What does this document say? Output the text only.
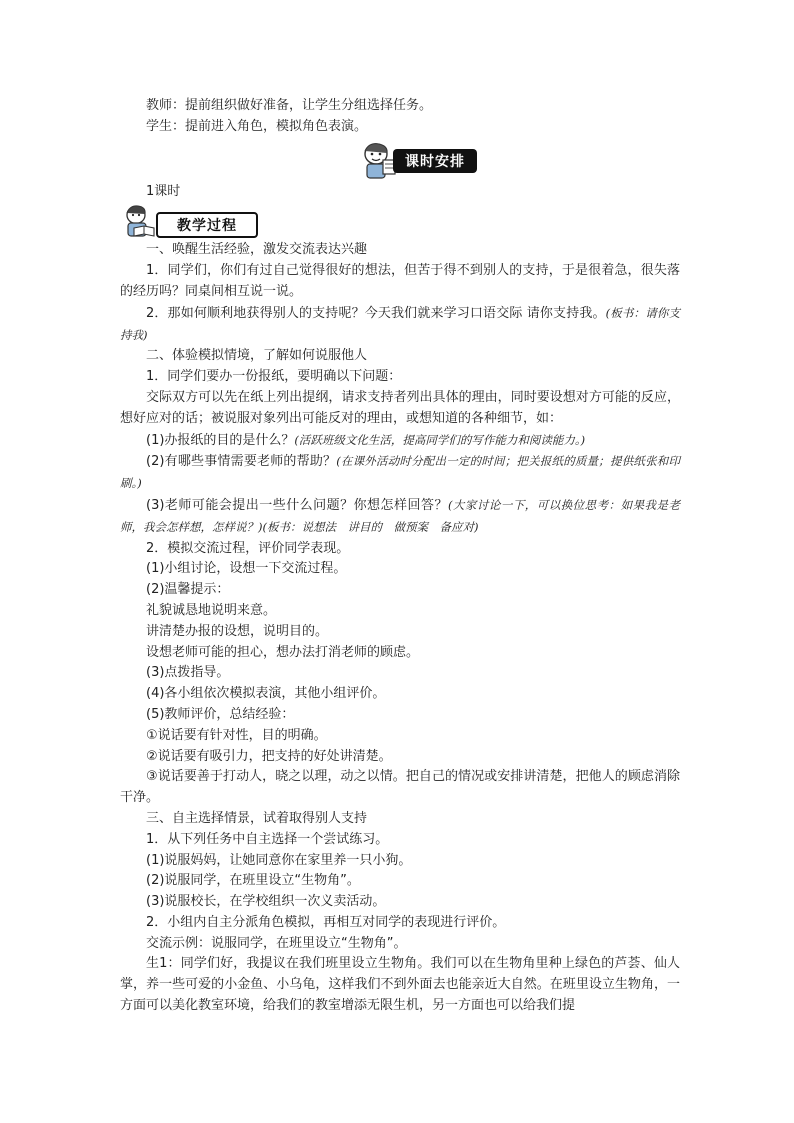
教师：提前组织做好准备，让学生分组选择任务。
学生：提前进入角色，模拟角色表演。
课时安排
1课时
教学过程
一、唤醒生活经验，激发交流表达兴趣
1．同学们，你们有过自己觉得很好的想法，但苦于得不到别人的支持，于是很着急，很失落的经历吗？同桌间相互说一说。
2．那如何顺利地获得别人的支持呢？今天我们就来学习口语交际 请你支持我。(板书：请你支持我)
二、体验模拟情境，了解如何说服他人
1．同学们要办一份报纸，要明确以下问题：
交际双方可以先在纸上列出提纲，请求支持者列出具体的理由，同时要设想对方可能的反应，想好应对的话；被说服对象列出可能反对的理由，或想知道的各种细节，如：
(1)办报纸的目的是什么？(活跃班级文化生活，提高同学们的写作能力和阅读能力。)
(2)有哪些事情需要老师的帮助？(在课外活动时分配出一定的时间；把关报纸的质量；提供纸张和印刷。)
(3)老师可能会提出一些什么问题？你想怎样回答？(大家讨论一下，可以换位思考：如果我是老师，我会怎样想，怎样说？)(板书：说想法　讲目的　做预案　备应对)
2．模拟交流过程，评价同学表现。
(1)小组讨论，设想一下交流过程。
(2)温馨提示：
礼貌诚恳地说明来意。
讲清楚办报的设想，说明目的。
设想老师可能的担心，想办法打消老师的顾虑。
(3)点拨指导。
(4)各小组依次模拟表演，其他小组评价。
(5)教师评价，总结经验：
①说话要有针对性，目的明确。
②说话要有吸引力，把支持的好处讲清楚。
③说话要善于打动人，晓之以理，动之以情。把自己的情况或安排讲清楚，把他人的顾虑消除干净。
三、自主选择情景，试着取得别人支持
1．从下列任务中自主选择一个尝试练习。
(1)说服妈妈，让她同意你在家里养一只小狗。
(2)说服同学，在班里设立“生物角”。
(3)说服校长，在学校组织一次义卖活动。
2．小组内自主分派角色模拟，再相互对同学的表现进行评价。
交流示例：说服同学，在班里设立“生物角”。
生1：同学们好，我提议在我们班里设立生物角。我们可以在生物角里种上绿色的芦荟、仙人掌，养一些可爱的小金鱼、小乌龟，这样我们不到外面去也能亲近大自然。在班里设立生物角，一方面可以美化教室环境，给我们的教室增添无限生机，另一方面也可以给我们提
